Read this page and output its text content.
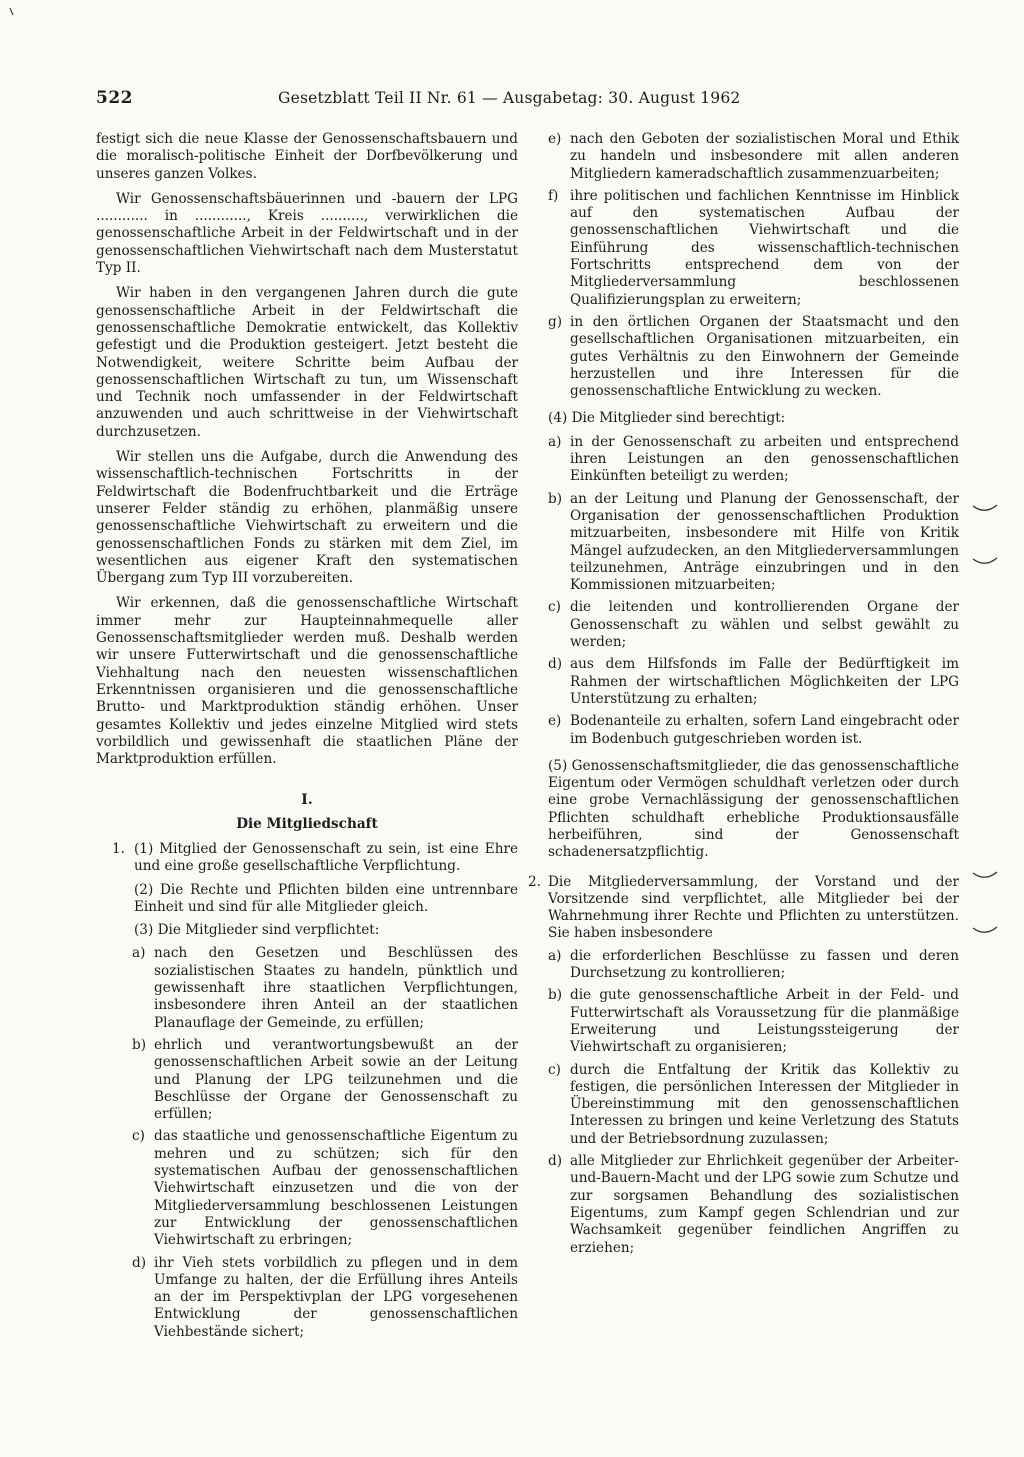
522	Gesetzblatt Teil II Nr. 61 — Ausgabetag: 30. August 1962

festigt sich die neue Klasse der Genossenschaftsbauern und die moralisch-politische Einheit der Dorfbevölkerung und unseres ganzen Volkes.

Wir Genossenschaftsbäuerinnen und -bauern der LPG ............ in ............, Kreis .........., verwirklichen die genossenschaftliche Arbeit in der Feldwirtschaft und in der genossenschaftlichen Viehwirtschaft nach dem Musterstatut Typ II.

Wir haben in den vergangenen Jahren durch die gute genossenschaftliche Arbeit in der Feldwirtschaft die genossenschaftliche Demokratie entwickelt, das Kollektiv gefestigt und die Produktion gesteigert. Jetzt besteht die Notwendigkeit, weitere Schritte beim Aufbau der genossenschaftlichen Wirtschaft zu tun, um Wissenschaft und Technik noch umfassender in der Feldwirtschaft anzuwenden und auch schrittweise in der Viehwirtschaft durchzusetzen.

Wir stellen uns die Aufgabe, durch die Anwendung des wissenschaftlich-technischen Fortschritts in der Feldwirtschaft die Bodenfruchtbarkeit und die Erträge unserer Felder ständig zu erhöhen, planmäßig unsere genossenschaftliche Viehwirtschaft zu erweitern und die genossenschaftlichen Fonds zu stärken mit dem Ziel, im wesentlichen aus eigener Kraft den systematischen Übergang zum Typ III vorzubereiten.

Wir erkennen, daß die genossenschaftliche Wirtschaft immer mehr zur Haupteinnahmequelle aller Genossenschaftsmitglieder werden muß. Deshalb werden wir unsere Futterwirtschaft und die genossenschaftliche Viehhaltung nach den neuesten wissenschaftlichen Erkenntnissen organisieren und die genossenschaftliche Brutto- und Marktproduktion ständig erhöhen. Unser gesamtes Kollektiv und jedes einzelne Mitglied wird stets vorbildlich und gewissenhaft die staatlichen Pläne der Marktproduktion erfüllen.

I.
Die Mitgliedschaft
1. (1) Mitglied der Genossenschaft zu sein, ist eine Ehre und eine große gesellschaftliche Verpflichtung.

(2) Die Rechte und Pflichten bilden eine untrennbare Einheit und sind für alle Mitglieder gleich.

(3) Die Mitglieder sind verpflichtet:

a) nach den Gesetzen und Beschlüssen des sozialistischen Staates zu handeln, pünktlich und gewissenhaft ihre staatlichen Verpflichtungen, insbesondere ihren Anteil an der staatlichen Planauflage der Gemeinde, zu erfüllen;
b) ehrlich und verantwortungsbewußt an der genossenschaftlichen Arbeit sowie an der Leitung und Planung der LPG teilzunehmen und die Beschlüsse der Organe der Genossenschaft zu erfüllen;
c) das staatliche und genossenschaftliche Eigentum zu mehren und zu schützen; sich für den systematischen Aufbau der genossenschaftlichen Viehwirtschaft einzusetzen und die von der Mitgliederversammlung beschlossenen Leistungen zur Entwicklung der genossenschaftlichen Viehwirtschaft zu erbringen;
d) ihr Vieh stets vorbildlich zu pflegen und in dem Umfange zu halten, der die Erfüllung ihres Anteils an der im Perspektivplan der LPG vorgesehenen Entwicklung der genossenschaftlichen Viehbestände sichert;
e) nach den Geboten der sozialistischen Moral und Ethik zu handeln und insbesondere mit allen anderen Mitgliedern kameradschaftlich zusammenzuarbeiten;
f) ihre politischen und fachlichen Kenntnisse im Hinblick auf den systematischen Aufbau der genossenschaftlichen Viehwirtschaft und die Einführung des wissenschaftlich-technischen Fortschritts entsprechend dem von der Mitgliederversammlung beschlossenen Qualifizierungsplan zu erweitern;
g) in den örtlichen Organen der Staatsmacht und den gesellschaftlichen Organisationen mitzuarbeiten, ein gutes Verhältnis zu den Einwohnern der Gemeinde herzustellen und ihre Interessen für die genossenschaftliche Entwicklung zu wecken.

(4) Die Mitglieder sind berechtigt:

a) in der Genossenschaft zu arbeiten und entsprechend ihren Leistungen an den genossenschaftlichen Einkünften beteiligt zu werden;
b) an der Leitung und Planung der Genossenschaft, der Organisation der genossenschaftlichen Produktion mitzuarbeiten, insbesondere mit Hilfe von Kritik Mängel aufzudecken, an den Mitgliederversammlungen teilzunehmen, Anträge einzubringen und in den Kommissionen mitzuarbeiten;
c) die leitenden und kontrollierenden Organe der Genossenschaft zu wählen und selbst gewählt zu werden;
d) aus dem Hilfsfonds im Falle der Bedürftigkeit im Rahmen der wirtschaftlichen Möglichkeiten der LPG Unterstützung zu erhalten;
e) Bodenanteile zu erhalten, sofern Land eingebracht oder im Bodenbuch gutgeschrieben worden ist.

(5) Genossenschaftsmitglieder, die das genossenschaftliche Eigentum oder Vermögen schuldhaft verletzen oder durch eine grobe Vernachlässigung der genossenschaftlichen Pflichten schuldhaft erhebliche Produktionsausfälle herbeiführen, sind der Genossenschaft schadenersatzpflichtig.

2. Die Mitgliederversammlung, der Vorstand und der Vorsitzende sind verpflichtet, alle Mitglieder bei der Wahrnehmung ihrer Rechte und Pflichten zu unterstützen. Sie haben insbesondere
a) die erforderlichen Beschlüsse zu fassen und deren Durchsetzung zu kontrollieren;
b) die gute genossenschaftliche Arbeit in der Feld- und Futterwirtschaft als Voraussetzung für die planmäßige Erweiterung und Leistungssteigerung der Viehwirtschaft zu organisieren;
c) durch die Entfaltung der Kritik das Kollektiv zu festigen, die persönlichen Interessen der Mitglieder in Übereinstimmung mit den genossenschaftlichen Interessen zu bringen und keine Verletzung des Statuts und der Betriebsordnung zuzulassen;
d) alle Mitglieder zur Ehrlichkeit gegenüber der Arbeiter-und-Bauern-Macht und der LPG sowie zum Schutze und zur sorgsamen Behandlung des sozialistischen Eigentums, zum Kampf gegen Schlendrian und zur Wachsamkeit gegenüber feindlichen Angriffen zu erziehen;
